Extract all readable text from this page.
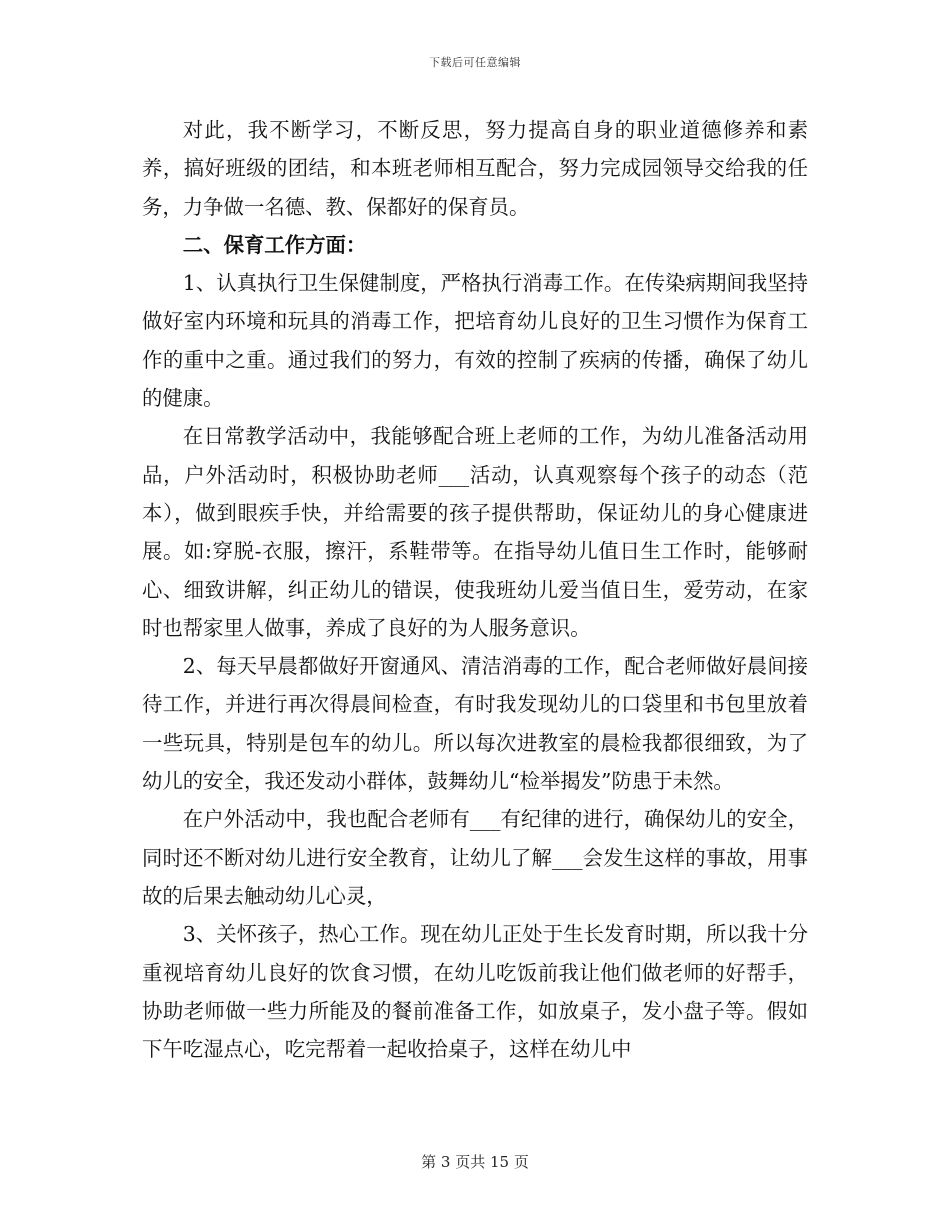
下载后可任意编辑

对此，我不断学习，不断反思，努力提高自身的职业道德修养和素养，搞好班级的团结，和本班老师相互配合，努力完成园领导交给我的任务，力争做一名德、教、保都好的保育员。

二、保育工作方面：

1、认真执行卫生保健制度，严格执行消毒工作。在传染病期间我坚持做好室内环境和玩具的消毒工作，把培育幼儿良好的卫生习惯作为保育工作的重中之重。通过我们的努力，有效的控制了疾病的传播，确保了幼儿的健康。

在日常教学活动中，我能够配合班上老师的工作，为幼儿准备活动用品，户外活动时，积极协助老师___活动，认真观察每个孩子的动态（范本），做到眼疾手快，并给需要的孩子提供帮助，保证幼儿的身心健康进展。如:穿脱-衣服，擦汗，系鞋带等。在指导幼儿值日生工作时，能够耐心、细致讲解，纠正幼儿的错误，使我班幼儿爱当值日生，爱劳动，在家时也帮家里人做事，养成了良好的为人服务意识。

2、每天早晨都做好开窗通风、清洁消毒的工作，配合老师做好晨间接待工作，并进行再次得晨间检查，有时我发现幼儿的口袋里和书包里放着一些玩具，特别是包车的幼儿。所以每次进教室的晨检我都很细致，为了幼儿的安全，我还发动小群体，鼓舞幼儿“检举揭发”防患于未然。

在户外活动中，我也配合老师有___有纪律的进行，确保幼儿的安全，同时还不断对幼儿进行安全教育，让幼儿了解___会发生这样的事故，用事故的后果去触动幼儿心灵，

3、关怀孩子，热心工作。现在幼儿正处于生长发育时期，所以我十分重视培育幼儿良好的饮食习惯，在幼儿吃饭前我让他们做老师的好帮手，协助老师做一些力所能及的餐前准备工作，如放桌子，发小盘子等。假如下午吃湿点心，吃完帮着一起收拾桌子，这样在幼儿中

第 3 页共 15 页
